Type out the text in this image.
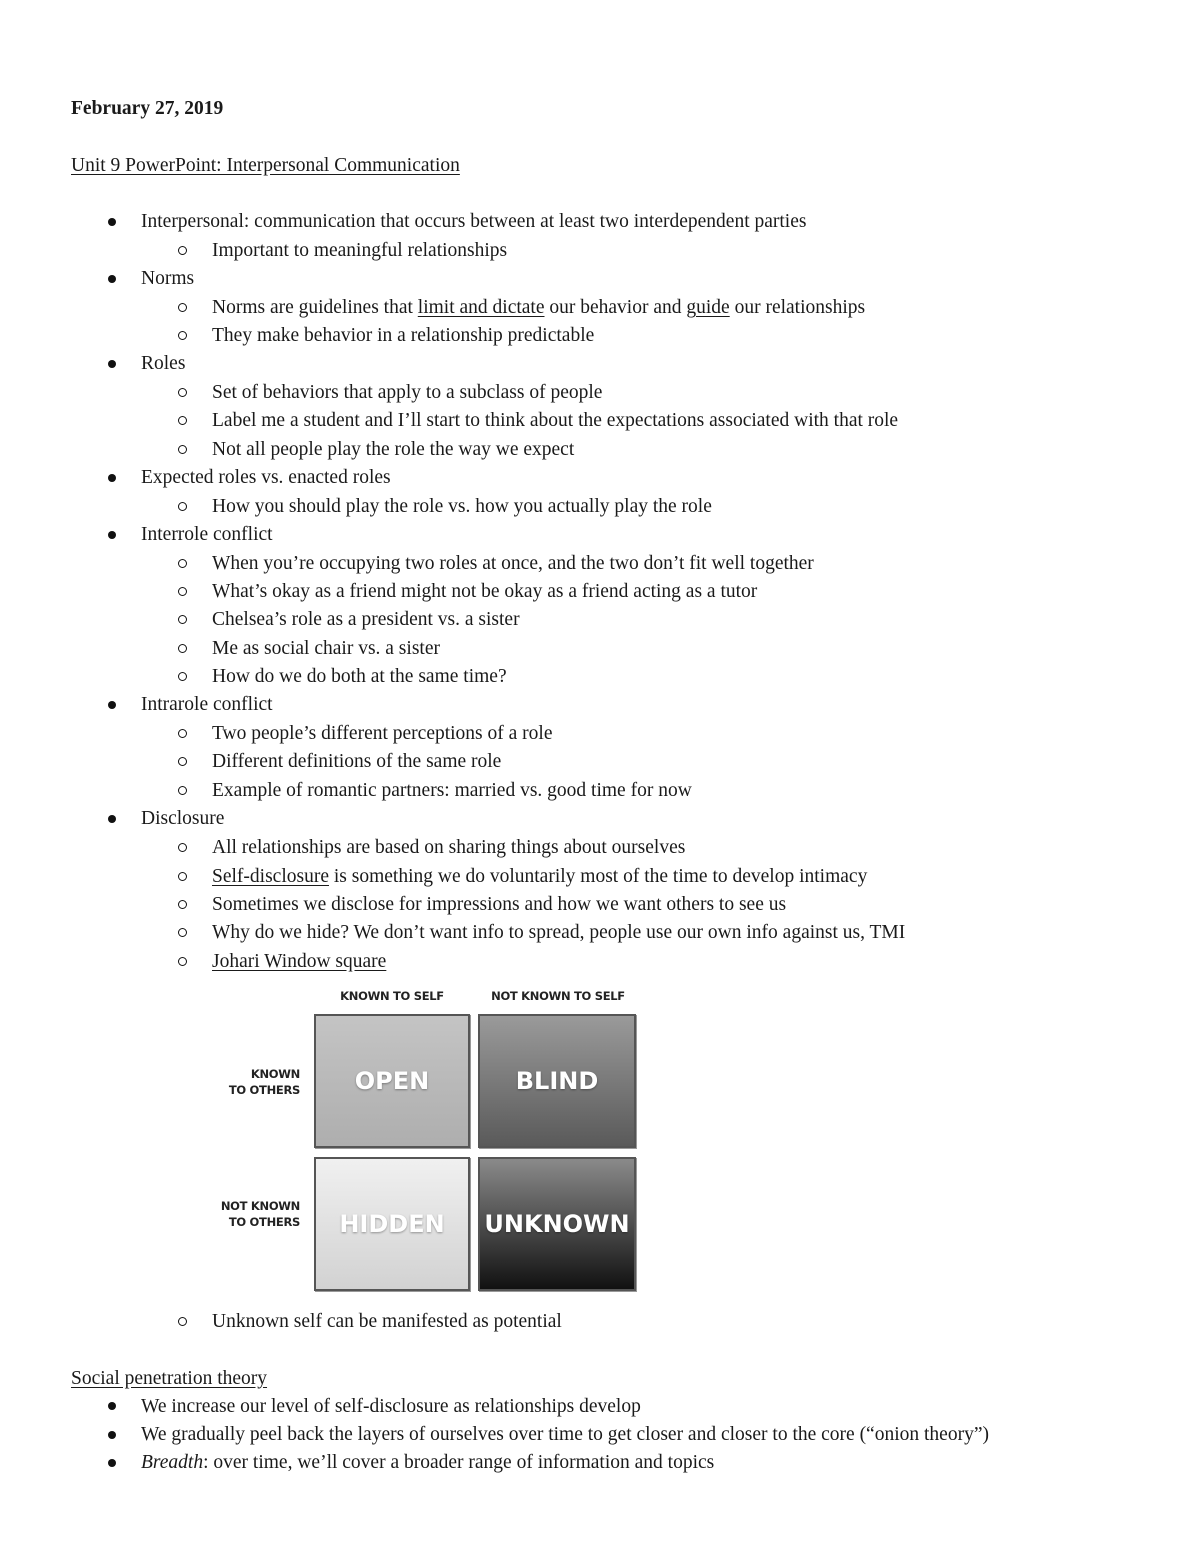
February 27, 2019
Unit 9 PowerPoint: Interpersonal Communication
Interpersonal: communication that occurs between at least two interdependent parties
Important to meaningful relationships
Norms
Norms are guidelines that limit and dictate our behavior and guide our relationships
They make behavior in a relationship predictable
Roles
Set of behaviors that apply to a subclass of people
Label me a student and I’ll start to think about the expectations associated with that role
Not all people play the role the way we expect
Expected roles vs. enacted roles
How you should play the role vs. how you actually play the role
Interrole conflict
When you’re occupying two roles at once, and the two don’t fit well together
What’s okay as a friend might not be okay as a friend acting as a tutor
Chelsea’s role as a president vs. a sister
Me as social chair vs. a sister
How do we do both at the same time?
Intrarole conflict
Two people’s different perceptions of a role
Different definitions of the same role
Example of romantic partners: married vs. good time for now
Disclosure
All relationships are based on sharing things about ourselves
Self-disclosure is something we do voluntarily most of the time to develop intimacy
Sometimes we disclose for impressions and how we want others to see us
Why do we hide? We don’t want info to spread, people use our own info against us, TMI
Johari Window square
KNOWN TO SELF	NOT KNOWN TO SELF
KNOWN
TO OTHERS
NOT KNOWN
TO OTHERS
OPEN	BLIND
HIDDEN UNKNOWN
Unknown self can be manifested as potential
Social penetration theory
We increase our level of self-disclosure as relationships develop
We gradually peel back the layers of ourselves over time to get closer and closer to the core (“onion theory”)
Breadth: over time, we’ll cover a broader range of information and topics
